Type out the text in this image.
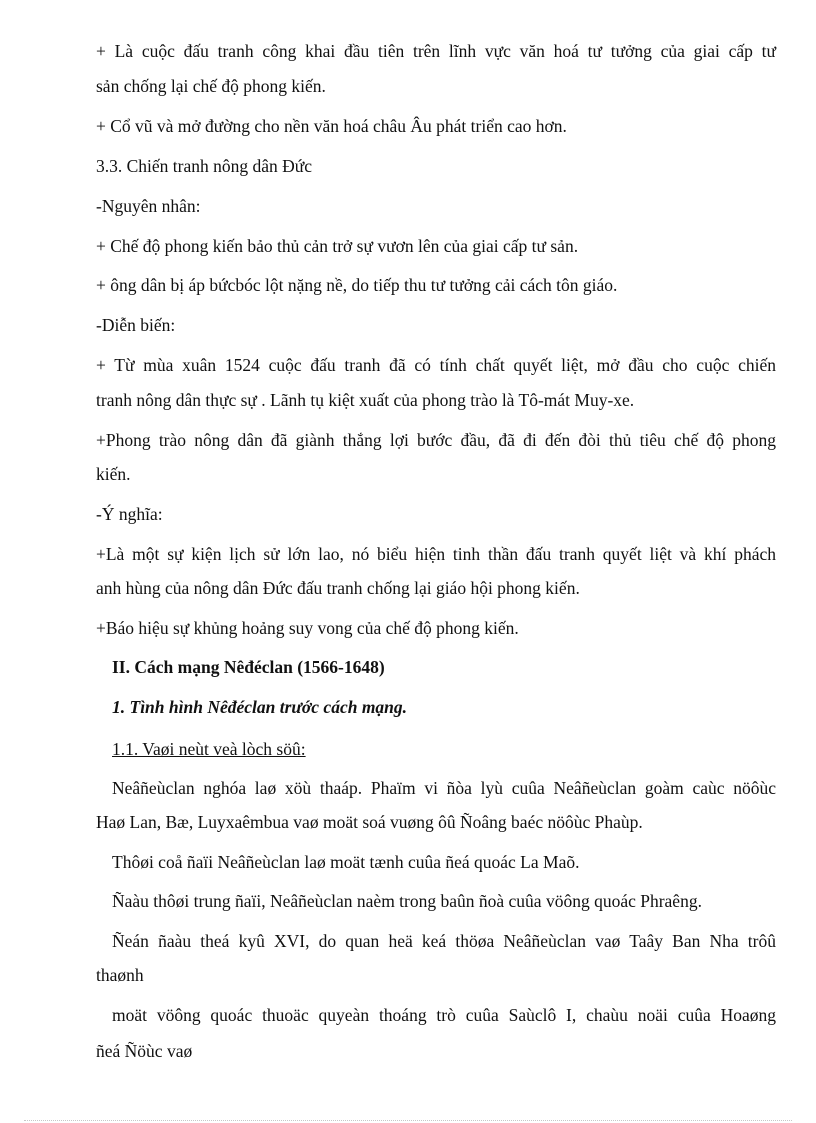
+ Là cuộc đấu tranh công khai đầu tiên trên lĩnh vực văn hoá tư tưởng của giai cấp tư
sản chống lại chế độ phong kiến.
+ Cổ vũ và mở đường cho nền văn hoá châu Âu phát triển cao hơn.
3.3. Chiến tranh nông dân Đức
-Nguyên nhân:
+ Chế độ phong kiến bảo thủ cản trở sự vươn lên của giai cấp tư sản.
+ ông dân bị áp bứcbóc lột nặng nề, do tiếp thu tư tưởng cải cách tôn giáo.
-Diễn biến:
+ Từ mùa xuân 1524 cuộc đấu tranh đã có tính chất quyết liệt, mở đầu cho cuộc chiến
tranh nông dân thực sự . Lãnh tụ kiệt xuất của phong trào là Tô-mát Muy-xe.
+Phong trào nông dân đã giành thắng lợi bước đầu, đã đi đến đòi thủ tiêu chế độ phong
kiến.
-Ý nghĩa:
+Là một sự kiện lịch sử lớn lao, nó biểu hiện tinh thần đấu tranh quyết liệt và khí phách
anh hùng của nông dân Đức đấu tranh chống lại giáo hội phong kiến.
+Báo hiệu sự khủng hoảng suy vong của chế độ phong kiến.
II. Cách mạng Nêđéclan (1566-1648)
1. Tình hình Nêđéclan trước cách mạng.
1.1. Vaøi neùt veà lòch söû:
Neâñeùclan nghóa laø xöù thaáp. Phaïm vi ñòa lyù cuûa Neâñeùclan goàm caùc nöôùc
Haø Lan, Bæ, Luyxaêmbua vaø moät soá vuøng ôû Ñoâng baéc nöôùc Phaùp.
Thôøi coå ñaïi Neâñeùclan laø moät tænh cuûa ñeá quoác La Maõ.
Ñaàu thôøi trung ñaïi, Neâñeùclan naèm trong baûn ñoà cuûa vöông quoác Phraêng.
Ñeán ñaàu theá kyû XVI, do quan heä keá thöøa Neâñeùclan vaø Taây Ban Nha trôû
thaønh
moät vöông quoác thuoäc quyeàn thoáng trò cuûa Saùclô I, chaùu noäi cuûa Hoaøng
ñeá Ñöùc vaø
